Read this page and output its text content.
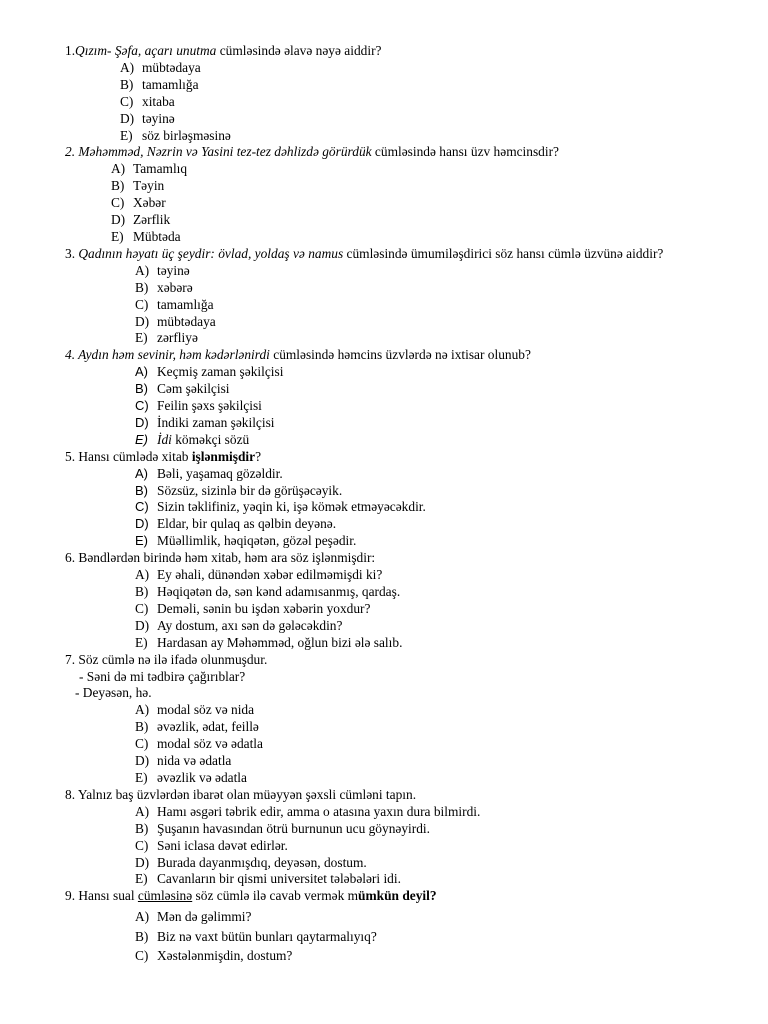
1.Qızım- Şəfa, açarı unutma cümləsində əlavə nəyə aiddir?
A) mübtədaya
B) tamamlığa
C) xitaba
D) təyinə
E) söz birləşməsinə
2. Məhəmməd, Nəzrin və Yasini tez-tez dəhlizdə görürdük cümləsində hansı üzv həmcinsdir?
A) Tamamlıq
B) Təyin
C) Xəbər
D) Zərflik
E) Mübtəda
3. Qadının həyatı üç şeydir: övlad, yoldaş və namus cümləsində ümumiləşdirici söz hansı cümlə üzvünə aiddir?
A) təyinə
B) xəbərə
C) tamamlığa
D) mübtədaya
E) zərfliyə
4. Aydın həm sevinir, həm kədərlənirdi cümləsində həmcins üzvlərdə nə ixtisar olunub?
A) Keçmiş zaman şəkilçisi
B) Cəm şəkilçisi
C) Feilin şəxs şəkilçisi
D) İndiki zaman şəkilçisi
E) İdi köməkçi sözü
5. Hansı cümlədə xitab işlənmişdir?
A) Bəli, yaşamaq gözəldir.
B) Sözsüz, sizinlə bir də görüşəcəyik.
C) Sizin təklifiniz, yəqin ki, işə kömək etməyəcəkdir.
D) Eldar, bir qulaq as qəlbin deyənə.
E) Müəllimlik, həqiqətən, gözəl peşədir.
6. Bəndlərdən birində həm xitab, həm ara söz işlənmişdir:
A) Ey əhali, dünəndən xəbər edilməmişdi ki?
B) Həqiqətən də, sən kənd adamısanmış, qardaş.
C) Deməli, sənin bu işdən xəbərin yoxdur?
D) Ay dostum, axı sən də gələcəkdin?
E) Hardasan ay Məhəmməd, oğlun bizi ələ salıb.
7. Söz cümlə nə ilə ifadə olunmuşdur.
- Səni də mi tədbirə çağırıblar?
- Deyəsən, hə.
A) modal söz və nida
B) əvəzlik, ədat, feillə
C) modal söz və ədatla
D) nida və ədatla
E) əvəzlik və ədatla
8. Yalnız baş üzvlərdən ibarət olan müəyyən şəxsli cümləni tapın.
A) Hamı əsgəri təbrik edir, amma o atasına yaxın dura bilmirdi.
B) Şuşanın havasından ötrü burnunun ucu göynəyirdi.
C) Səni iclasa dəvət edirlər.
D) Burada dayanmışdıq, deyəsən, dostum.
E) Cavanların bir qismi universitet tələbələri idi.
9. Hansı sual cümləsinə söz cümlə ilə cavab vermək mümkün deyil?
A) Mən də gəlimmi?
B) Biz nə vaxt bütün bunları qaytarmalıyıq?
C) Xəstələnmişdin, dostum?
